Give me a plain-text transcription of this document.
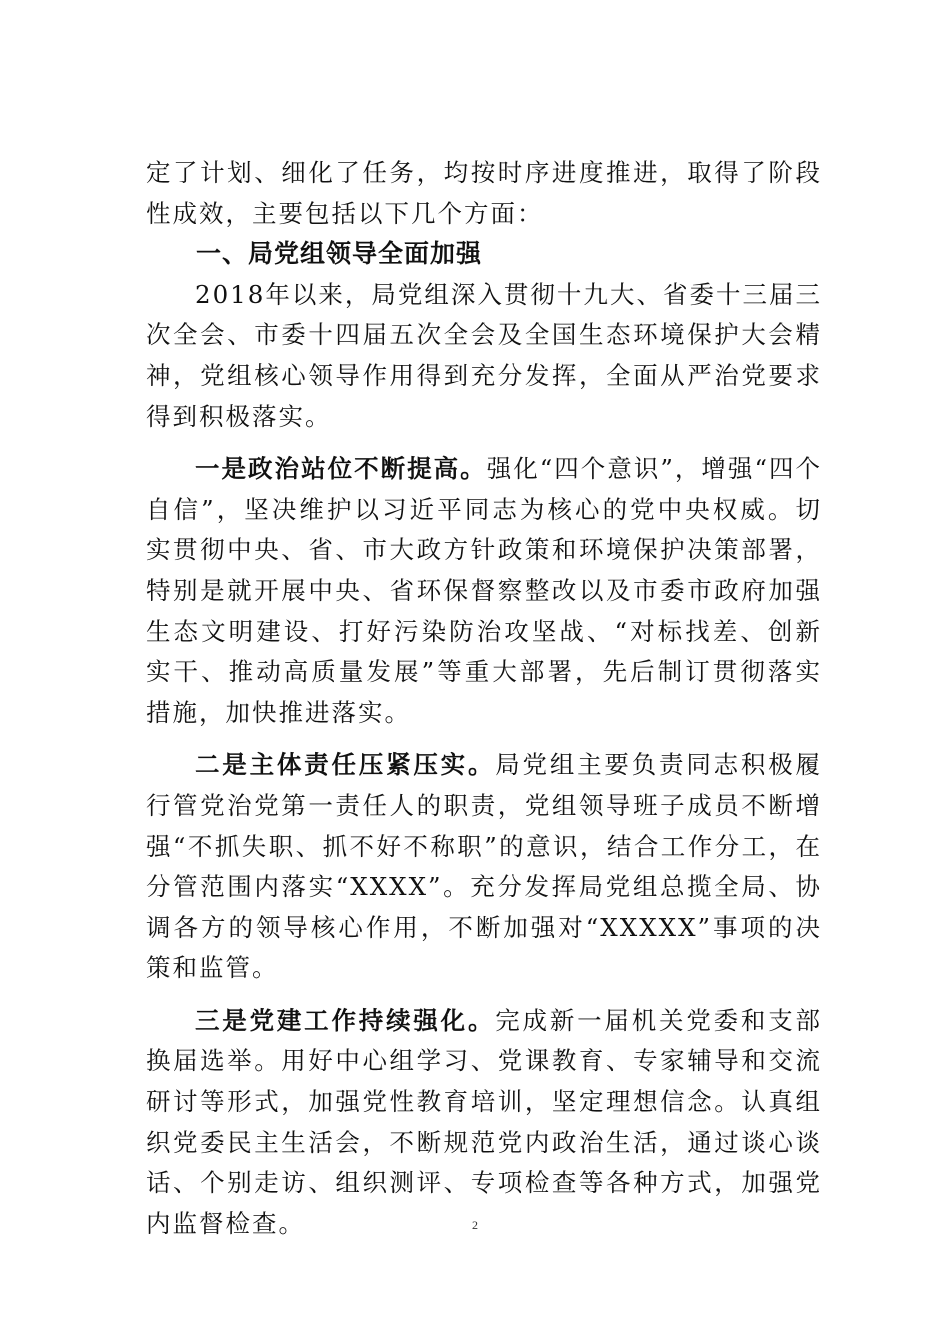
定了计划、细化了任务，均按时序进度推进，取得了阶段性成效，主要包括以下几个方面：

一、局党组领导全面加强

2018年以来，局党组深入贯彻十九大、省委十三届三次全会、市委十四届五次全会及全国生态环境保护大会精神，党组核心领导作用得到充分发挥，全面从严治党要求得到积极落实。

一是政治站位不断提高。强化“四个意识”，增强“四个自信”，坚决维护以习近平同志为核心的党中央权威。切实贯彻中央、省、市大政方针政策和环境保护决策部署，特别是就开展中央、省环保督察整改以及市委市政府加强生态文明建设、打好污染防治攻坚战、“对标找差、创新实干、推动高质量发展”等重大部署，先后制订贯彻落实措施，加快推进落实。

二是主体责任压紧压实。局党组主要负责同志积极履行管党治党第一责任人的职责，党组领导班子成员不断增强“不抓失职、抓不好不称职”的意识，结合工作分工，在分管范围内落实“XXXX”。充分发挥局党组总揽全局、协调各方的领导核心作用，不断加强对“XXXXX”事项的决策和监管。

三是党建工作持续强化。完成新一届机关党委和支部换届选举。用好中心组学习、党课教育、专家辅导和交流研讨等形式，加强党性教育培训，坚定理想信念。认真组织党委民主生活会，不断规范党内政治生活，通过谈心谈话、个别走访、组织测评、专项检查等各种方式，加强党内监督检查。	2
